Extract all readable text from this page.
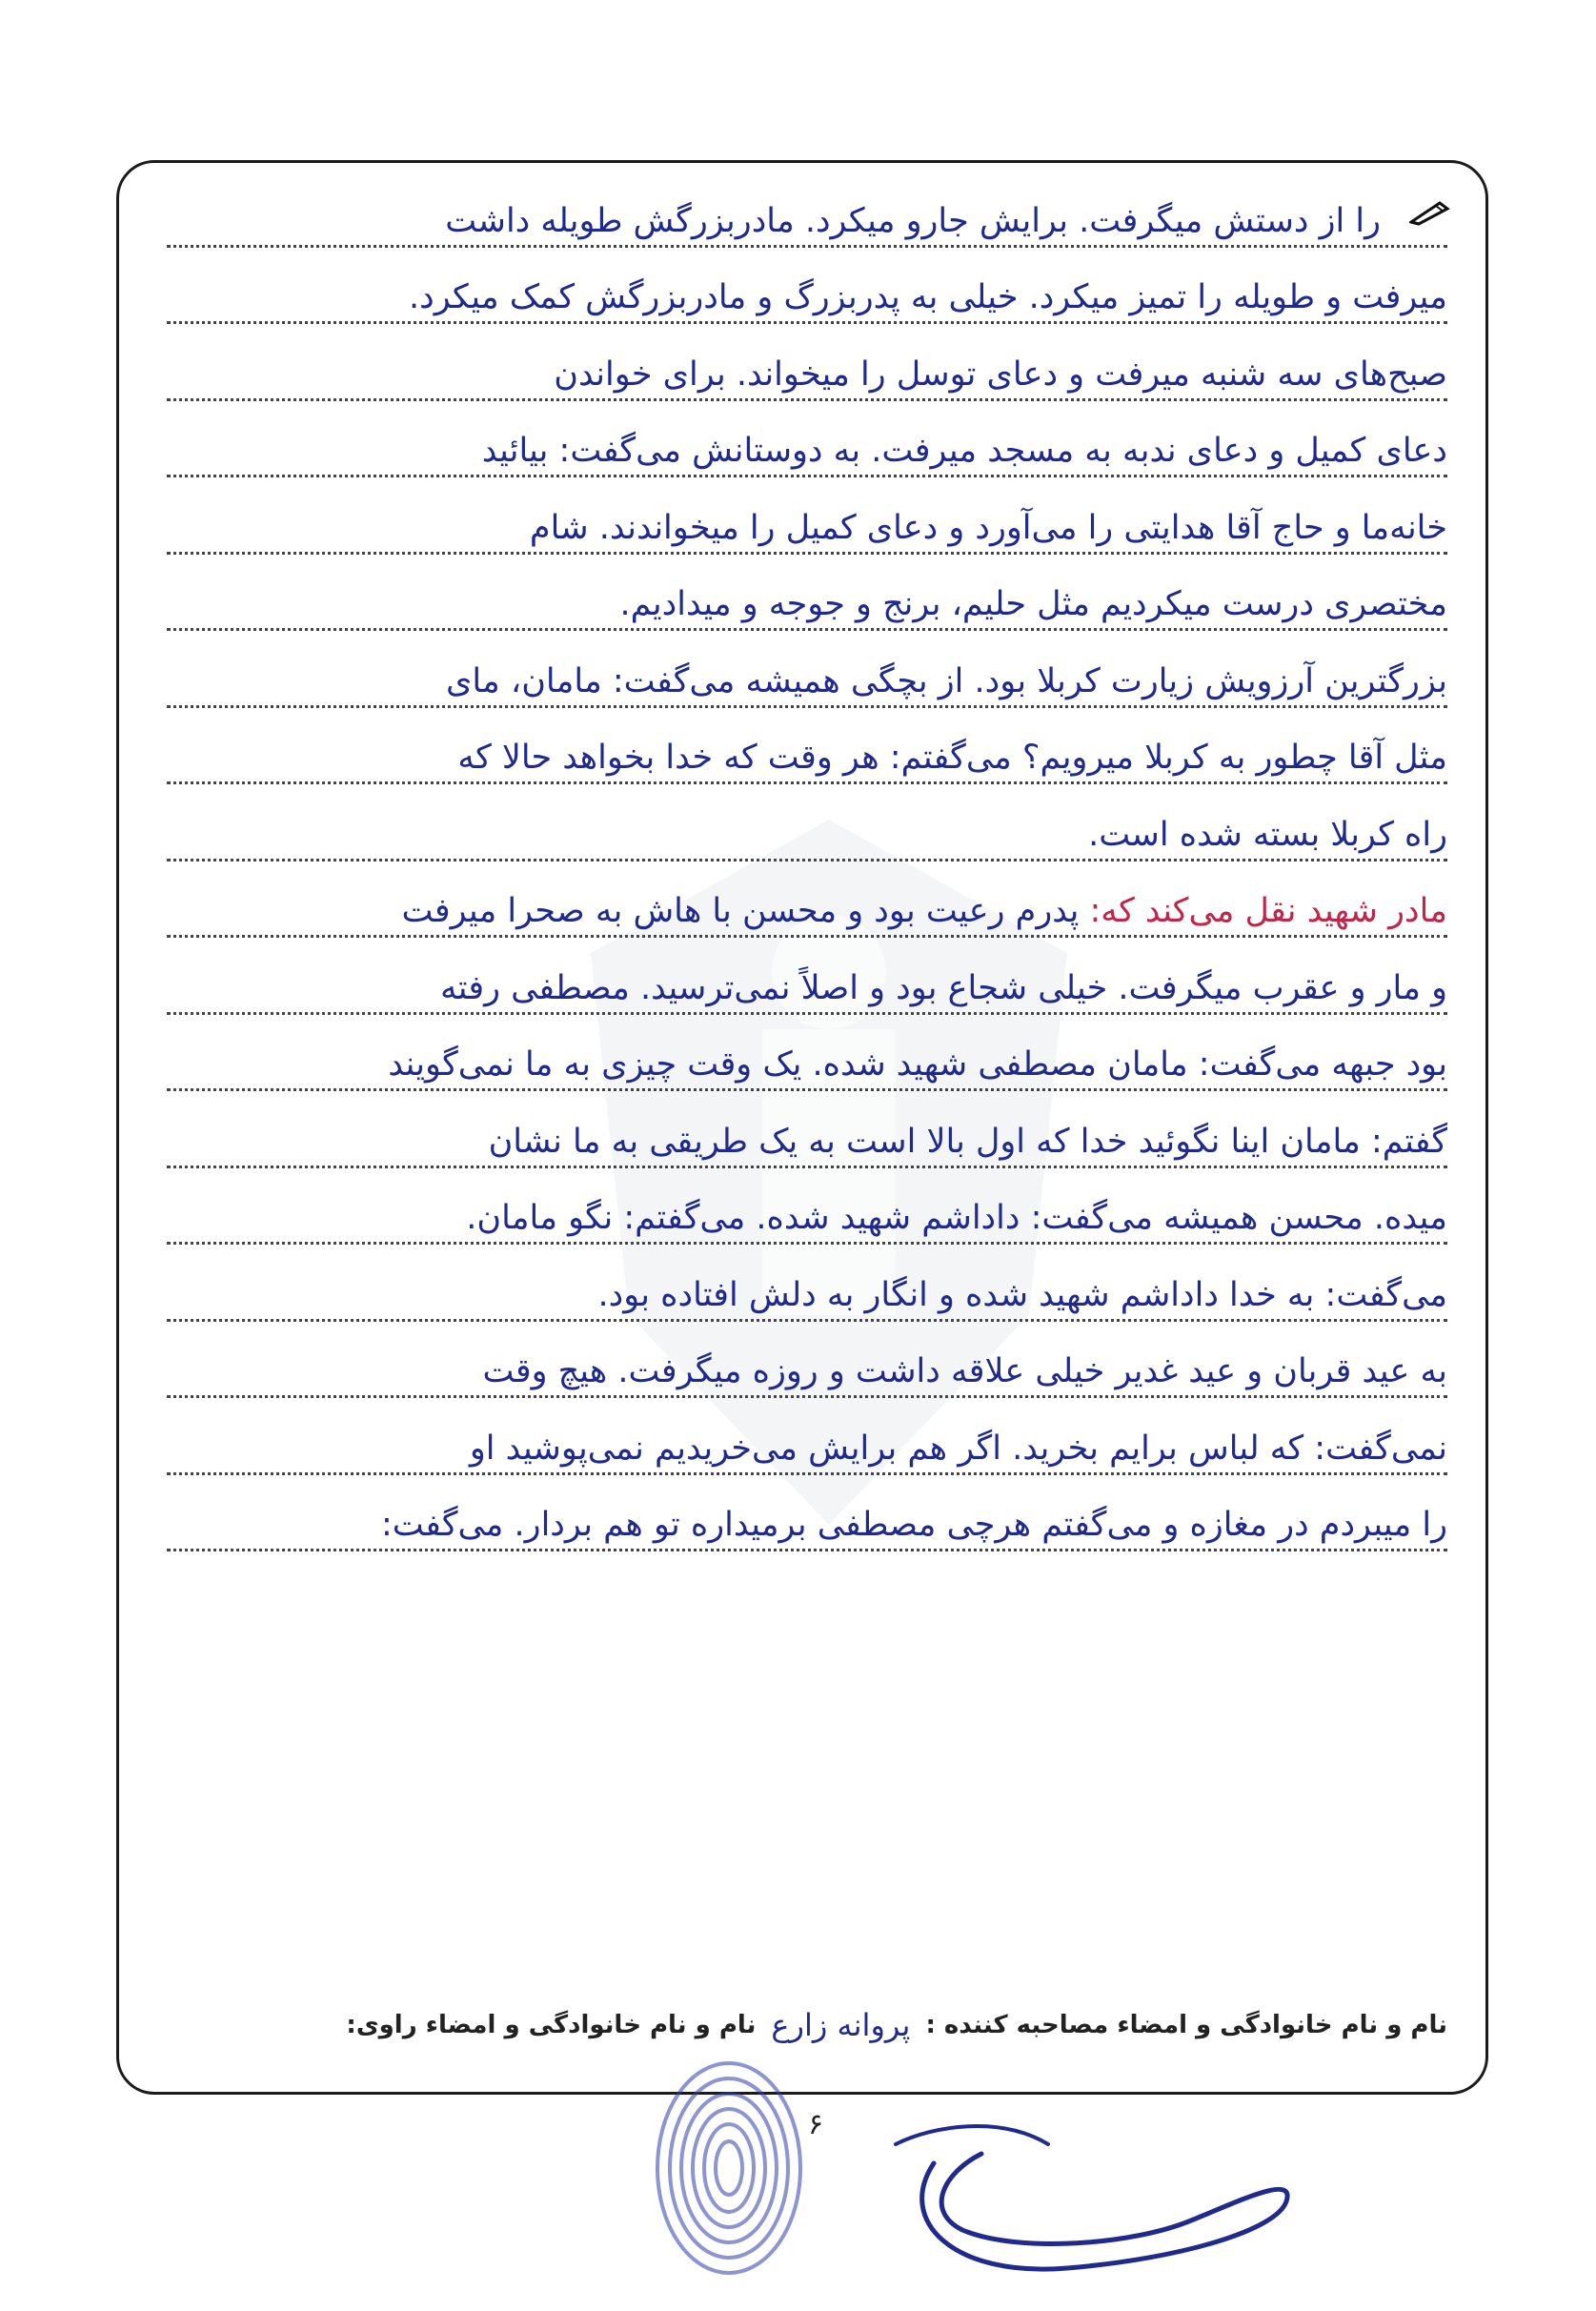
را از دستش میگرفت. برایش جارو میکرد. مادربزرگش طویله داشت
میرفت و طویله را تمیز میکرد. خیلی به پدربزرگ و مادربزرگش کمک میکرد.
صبح‌های سه شنبه میرفت و دعای توسل را میخواند. برای خواندن
دعای کمیل و دعای ندبه به مسجد میرفت. به دوستانش می‌گفت: بیائید
خانه‌ما و حاج آقا هدایتی را می‌آورد و دعای کمیل را میخواندند. شام
مختصری درست میکردیم مثل حلیم، برنج و جوجه و میدادیم.
بزرگترین آرزویش زیارت کربلا بود. از بچگی همیشه می‌گفت: مامان، مای
مثل آقا چطور به کربلا میرویم؟ می‌گفتم: هر وقت که خدا بخواهد حالا که
راه کربلا بسته شده است.
مادر شهید نقل می‌کند که: پدرم رعیت بود و محسن با هاش به صحرا میرفت
و مار و عقرب میگرفت. خیلی شجاع بود و اصلاً نمی‌ترسید. مصطفی رفته
بود جبهه می‌گفت: مامان مصطفی شهید شده. یک وقت چیزی به ما نمی‌گویند
گفتم: مامان اینا نگوئید خدا که اول بالا است به یک طریقی به ما نشان
میده. محسن همیشه می‌گفت: داداشم شهید شده. می‌گفتم: نگو مامان.
می‌گفت: به خدا داداشم شهید شده و انگار به دلش افتاده بود.
به عید قربان و عید غدیر خیلی علاقه داشت و روزه میگرفت. هیچ وقت
نمی‌گفت: که لباس برایم بخرید. اگر هم برایش می‌خریدیم نمی‌پوشید او
را میبردم در مغازه و می‌گفتم هرچی مصطفی برمیداره تو هم بردار. می‌گفت:
نام و نام خانوادگی و امضاء مصاحبه کننده :
پروانه زارع
نام و نام خانوادگی و امضاء راوی:
۶
